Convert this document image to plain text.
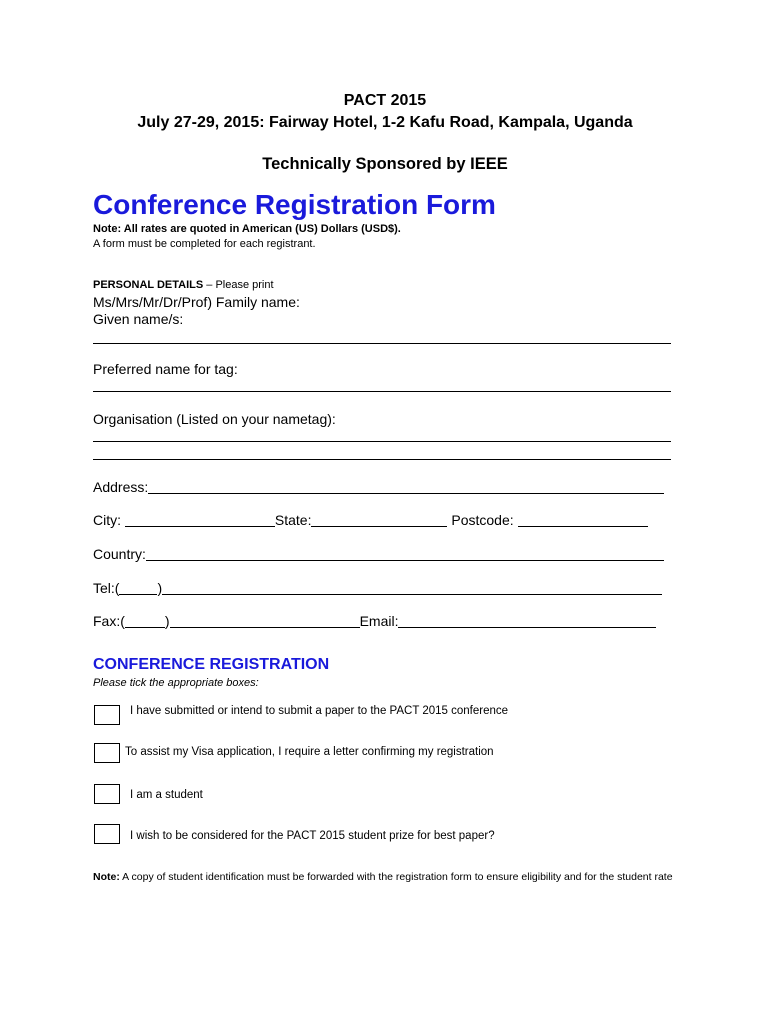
PACT 2015
July 27-29, 2015: Fairway Hotel, 1-2 Kafu Road, Kampala, Uganda
Technically Sponsored by IEEE
Conference Registration Form
Note: All rates are quoted in American (US) Dollars (USD$).
A form must be completed for each registrant.
PERSONAL DETAILS – Please print
Ms/Mrs/Mr/Dr/Prof) Family name:
Given name/s:
Preferred name for tag:
Organisation (Listed on your nametag):
Address:
City:	State:	Postcode:
Country:
Tel:(	)
Fax:(	)	Email:
CONFERENCE REGISTRATION
Please tick the appropriate boxes:
I have submitted or intend to submit a paper to the PACT 2015 conference
To assist my Visa application, I require a letter confirming my registration
I am a student
I wish to be considered for the PACT 2015 student prize for best paper?
Note: A copy of student identification must be forwarded with the registration form to ensure eligibility and for the student rate
